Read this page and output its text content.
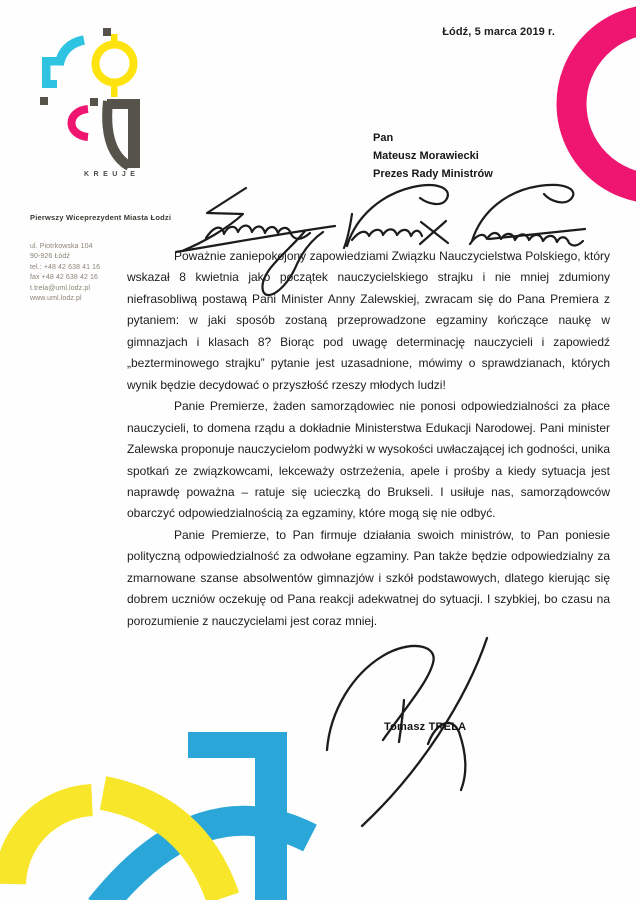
KREUJE
Łódź, 5 marca 2019 r.
Pan
Mateusz Morawiecki
Prezes Rady Ministrów
Pierwszy Wiceprezydent Miasta Łodzi
ul. Piotrkowska 104
90-926 Łódź
tel.: +48 42 638 41 16
fax +48 42 638 42 16
t.trela@uml.lodz.pl
www.uml.lodz.pl

Poważnie zaniepokojony zapowiedziami Związku Nauczycielstwa Polskiego, który wskazał 8 kwietnia jako początek nauczycielskiego strajku i nie mniej zdumiony niefrasobliwą postawą Pani Minister Anny Zalewskiej, zwracam się do Pana Premiera z pytaniem: w jaki sposób zostaną przeprowadzone egzaminy kończące naukę w gimnazjach i klasach 8? Biorąc pod uwagę determinację nauczycieli i zapowiedź „bezterminowego strajku” pytanie jest uzasadnione, mówimy o sprawdzianach, których wynik będzie decydować o przyszłość rzeszy młodych ludzi!

Panie Premierze, żaden samorządowiec nie ponosi odpowiedzialności za płace nauczycieli, to domena rządu a dokładnie Ministerstwa Edukacji Narodowej. Pani minister Zalewska proponuje nauczycielom podwyżki w wysokości uwłaczającej ich godności, unika spotkań ze związkowcami, lekceważy ostrzeżenia, apele i prośby a kiedy sytuacja jest naprawdę poważna – ratuje się ucieczką do Brukseli. I usiłuje nas, samorządowców obarczyć odpowiedzialnością za egzaminy, które mogą się nie odbyć.

Panie Premierze, to Pan firmuje działania swoich ministrów, to Pan poniesie polityczną odpowiedzialność za odwołane egzaminy. Pan także będzie odpowiedzialny za zmarnowane szanse absolwentów gimnazjów i szkół podstawowych, dlatego kierując się dobrem uczniów oczekuję od Pana reakcji adekwatnej do sytuacji. I szybkiej, bo czasu na porozumienie z nauczycielami jest coraz mniej.

Tomasz TRELA
